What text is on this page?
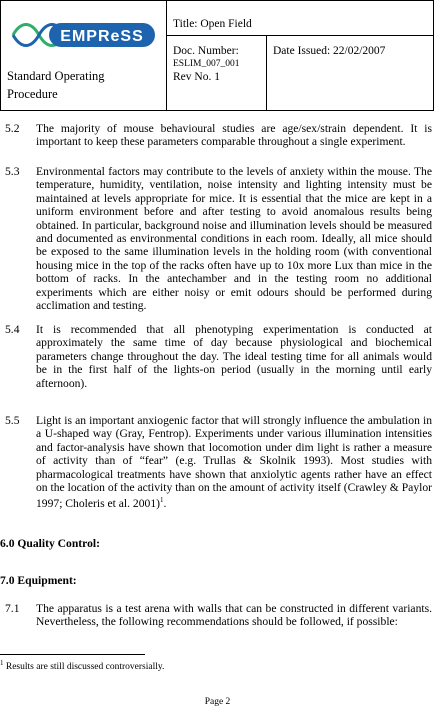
EMPReSS
Standard Operating
Procedure
Title: Open Field
Doc. Number:
ESLIM_007_001
Rev No. 1
Date Issued: 22/02/2007
5.2	The majority of mouse behavioural studies are age/sex/strain dependent. It is important to keep these parameters comparable throughout a single experiment.
5.3	Environmental factors may contribute to the levels of anxiety within the mouse. The temperature, humidity, ventilation, noise intensity and lighting intensity must be maintained at levels appropriate for mice. It is essential that the mice are kept in a uniform environment before and after testing to avoid anomalous results being obtained. In particular, background noise and illumination levels should be measured and documented as environmental conditions in each room. Ideally, all mice should be exposed to the same illumination levels in the holding room (with conventional housing mice in the top of the racks often have up to 10x more Lux than mice in the bottom of racks. In the antechamber and in the testing room no additional experiments which are either noisy or emit odours should be performed during acclimation and testing.
5.4	It is recommended that all phenotyping experimentation is conducted at approximately the same time of day because physiological and biochemical parameters change throughout the day. The ideal testing time for all animals would be in the first half of the lights-on period (usually in the morning until early afternoon).
5.5	Light is an important anxiogenic factor that will strongly influence the ambulation in a U-shaped way (Gray, Fentrop). Experiments under various illumination intensities and factor-analysis have shown that locomotion under dim light is rather a measure of activity than of “fear” (e.g. Trullas & Skolnik 1993). Most studies with pharmacological treatments have shown that anxiolytic agents rather have an effect on the location of the activity than on the amount of activity itself (Crawley & Paylor 1997; Choleris et al. 2001)$^1$.
6.0 Quality Control:
7.0 Equipment:
7.1	The apparatus is a test arena with walls that can be constructed in different variants. Nevertheless, the following recommendations should be followed, if possible:
$^1$ Results are still discussed controversially.
Page 2
